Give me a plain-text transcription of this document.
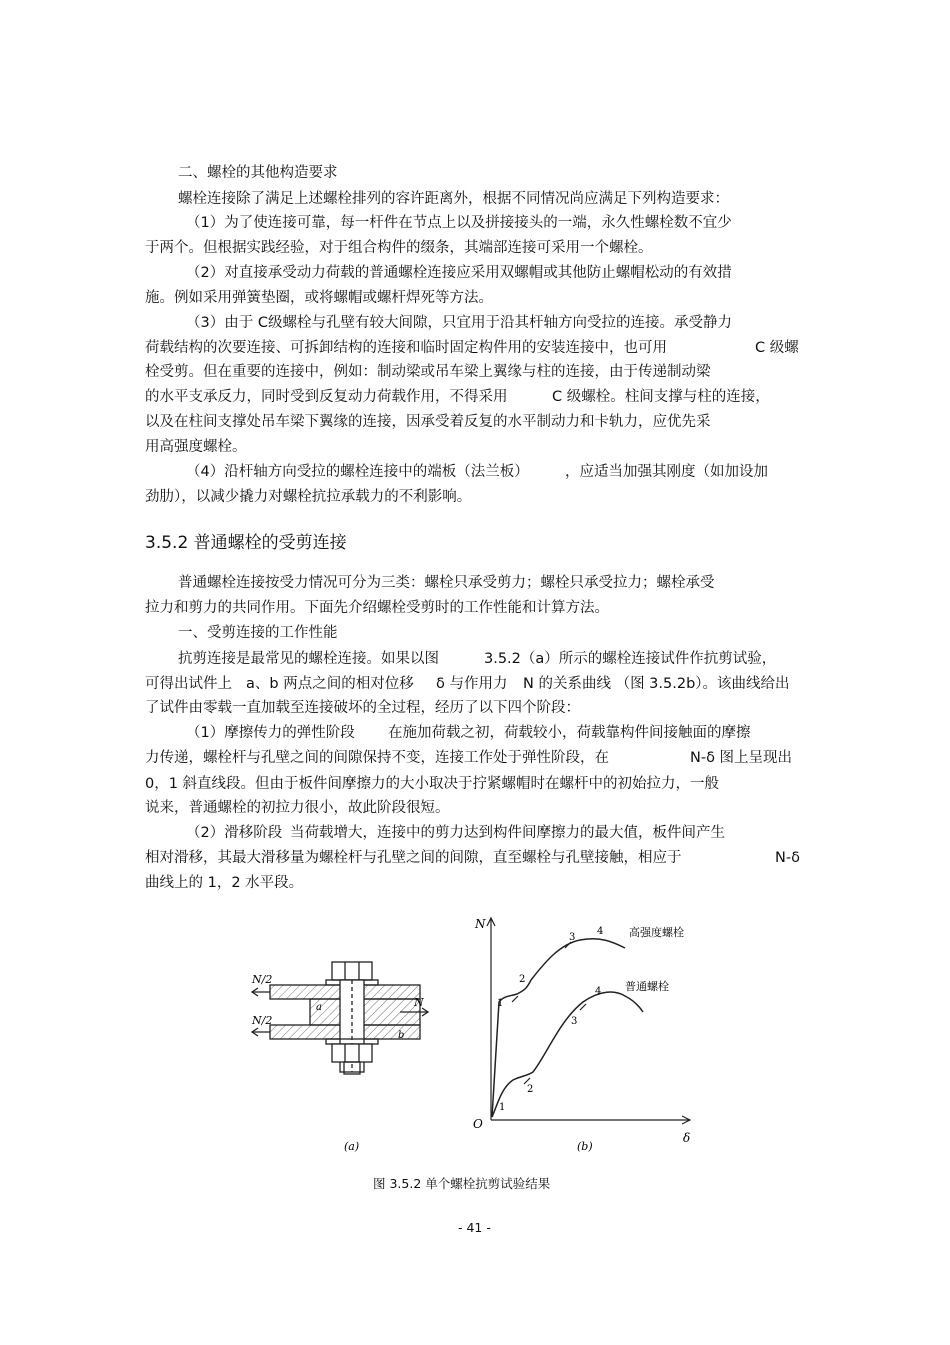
二、螺栓的其他构造要求
螺栓连接除了满足上述螺栓排列的容许距离外，根据不同情况尚应满足下列构造要求：
（1）为了使连接可靠，每一杆件在节点上以及拼接接头的一端，永久性螺栓数不宜少
于两个。但根据实践经验，对于组合构件的缀条，其端部连接可采用一个螺栓。
（2）对直接承受动力荷载的普通螺栓连接应采用双螺帽或其他防止螺帽松动的有效措
施。例如采用弹簧垫圈，或将螺帽或螺杆焊死等方法。
（3）由于 C级螺栓与孔壁有较大间隙，只宜用于沿其杆轴方向受拉的连接。承受静力
荷载结构的次要连接、可拆卸结构的连接和临时固定构件用的安装连接中，也可用	C 级螺
栓受剪。但在重要的连接中，例如：制动梁或吊车梁上翼缘与柱的连接，由于传递制动梁
的水平支承反力，同时受到反复动力荷载作用，不得采用	C 级螺栓。柱间支撑与柱的连接，
以及在柱间支撑处吊车梁下翼缘的连接，因承受着反复的水平制动力和卡轨力，应优先采
用高强度螺栓。
（4）沿杆轴方向受拉的螺栓连接中的端板（法兰板）	，应适当加强其刚度（如加设加
劲肋），以减少撬力对螺栓抗拉承载力的不利影响。
3.5.2 普通螺栓的受剪连接
普通螺栓连接按受力情况可分为三类：螺栓只承受剪力；螺栓只承受拉力；螺栓承受
拉力和剪力的共同作用。下面先介绍螺栓受剪时的工作性能和计算方法。
一、受剪连接的工作性能
抗剪连接是最常见的螺栓连接。如果以图	3.5.2（a）所示的螺栓连接试件作抗剪试验，
可得出试件上 a、b 两点之间的相对位移 δ 与作用力 N 的关系曲线 （图 3.5.2b）。该曲线给出
了试件由零载一直加载至连接破坏的全过程，经历了以下四个阶段：
（1）摩擦传力的弹性阶段 在施加荷载之初，荷载较小，荷载靠构件间接触面的摩擦
力传递，螺栓杆与孔壁之间的间隙保持不变，连接工作处于弹性阶段，在	N-δ 图上呈现出
0，1 斜直线段。但由于板件间摩擦力的大小取决于拧紧螺帽时在螺杆中的初始拉力，一般
说来，普通螺栓的初拉力很小，故此阶段很短。
（2）滑移阶段 当荷载增大，连接中的剪力达到构件间摩擦力的最大值，板件间产生
相对滑移，其最大滑移量为螺栓杆与孔壁之间的间隙，直至螺栓与孔壁接触，相应于	N-δ
曲线上的 1，2 水平段。
N/2
N/2
N
a
b
(a)
N
δ
O
1
2
3
4
1
2
3
4
高强度螺栓
普通螺栓
(b)
图 3.5.2 单个螺栓抗剪试验结果
- 41 -
